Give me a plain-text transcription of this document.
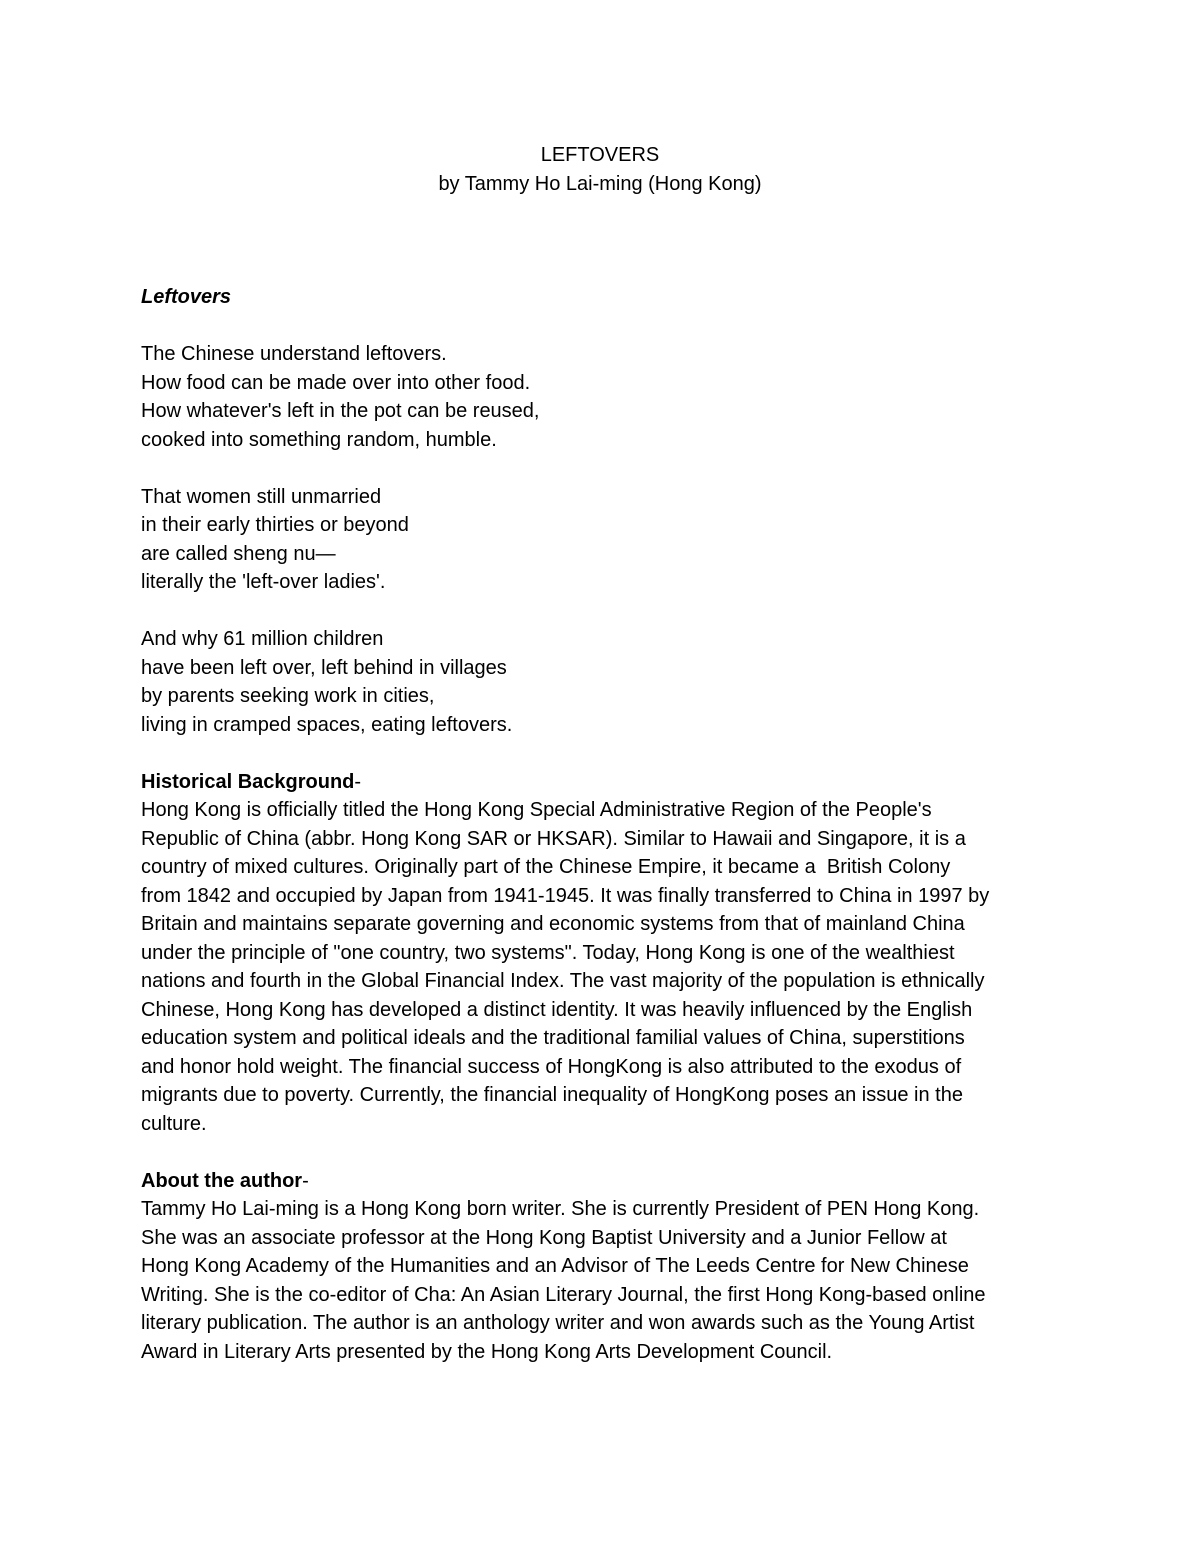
LEFTOVERS
by Tammy Ho Lai-ming (Hong Kong)
Leftovers
The Chinese understand leftovers.
How food can be made over into other food.
How whatever's left in the pot can be reused,
cooked into something random, humble.
That women still unmarried
in their early thirties or beyond
are called sheng nu—
literally the 'left-over ladies'.
And why 61 million children
have been left over, left behind in villages
by parents seeking work in cities,
living in cramped spaces, eating leftovers.
Historical Background-
Hong Kong is officially titled the Hong Kong Special Administrative Region of the People's
Republic of China (abbr. Hong Kong SAR or HKSAR). Similar to Hawaii and Singapore, it is a
country of mixed cultures. Originally part of the Chinese Empire, it became a  British Colony
from 1842 and occupied by Japan from 1941-1945. It was finally transferred to China in 1997 by
Britain and maintains separate governing and economic systems from that of mainland China
under the principle of "one country, two systems". Today, Hong Kong is one of the wealthiest
nations and fourth in the Global Financial Index. The vast majority of the population is ethnically
Chinese, Hong Kong has developed a distinct identity. It was heavily influenced by the English
education system and political ideals and the traditional familial values of China, superstitions
and honor hold weight. The financial success of HongKong is also attributed to the exodus of
migrants due to poverty. Currently, the financial inequality of HongKong poses an issue in the
culture.
About the author-
Tammy Ho Lai-ming is a Hong Kong born writer. She is currently President of PEN Hong Kong.
She was an associate professor at the Hong Kong Baptist University and a Junior Fellow at
Hong Kong Academy of the Humanities and an Advisor of The Leeds Centre for New Chinese
Writing. She is the co-editor of Cha: An Asian Literary Journal, the first Hong Kong-based online
literary publication. The author is an anthology writer and won awards such as the Young Artist
Award in Literary Arts presented by the Hong Kong Arts Development Council.
